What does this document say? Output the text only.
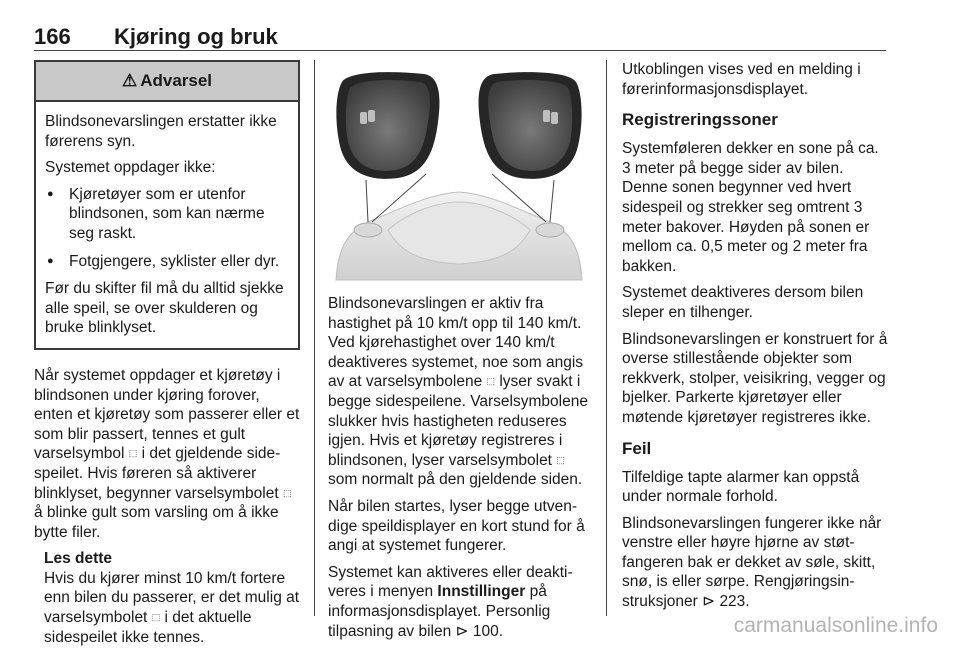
166 Kjøring og bruk
⚠ Advarsel

Blindsonevarslingen erstatter ikke førerens syn.

Systemet oppdager ikke:

● Kjøretøyer som er utenfor blindsonen, som kan nærme seg raskt.
● Fotgjengere, syklister eller dyr.

Før du skifter fil må du alltid sjekke alle speil, se over skulderen og bruke blinklyset.

Når systemet oppdager et kjøretøy i blindsonen under kjøring forover, enten et kjøretøy som passerer eller et som blir passert, tennes et gult varselsymbol ⬚ i det gjeldende sidespeilet. Hvis føreren så aktiverer blinklyset, begynner varselsymbolet ⬚ å blinke gult som varsling om å ikke bytte filer.

Les dette

Hvis du kjører minst 10 km/t fortere enn bilen du passerer, er det mulig at varselsymbolet ⬚ i det aktuelle sidespeilet ikke tennes.

Blindsonevarslingen er aktiv fra hastighet på 10 km/t opp til 140 km/t. Ved kjørehastighet over 140 km/t deaktiveres systemet, noe som angis av at varselsymbolene ⬚ lyser svakt i begge sidespeilene. Varselsymbolene slukker hvis hastigheten reduseres igjen. Hvis et kjøretøy registreres i blindsonen, lyser varselsymbolet ⬚ som normalt på den gjeldende siden.

Når bilen startes, lyser begge utvendige speildisplayer en kort stund for å angi at systemet fungerer.

Systemet kan aktiveres eller deaktiveres i menyen Innstillinger på informasjonsdisplayet. Personlig tilpasning av bilen ⊳ 100.

Utkoblingen vises ved en melding i førerinformasjonsdisplayet.

Registreringssoner

Systemføleren dekker en sone på ca. 3 meter på begge sider av bilen. Denne sonen begynner ved hvert sidespeil og strekker seg omtrent 3 meter bakover. Høyden på sonen er mellom ca. 0,5 meter og 2 meter fra bakken.

Systemet deaktiveres dersom bilen sleper en tilhenger.

Blindsonevarslingen er konstruert for å overse stillestående objekter som rekkverk, stolper, veisikring, vegger og bjelker. Parkerte kjøretøyer eller møtende kjøretøyer registreres ikke.

Feil

Tilfeldige tapte alarmer kan oppstå under normale forhold.

Blindsonevarslingen fungerer ikke når venstre eller høyre hjørne av støtfangeren bak er dekket av søle, skitt, snø, is eller sørpe. Rengjøringsinstruksjoner ⊳ 223.

carmanualsonline.info
